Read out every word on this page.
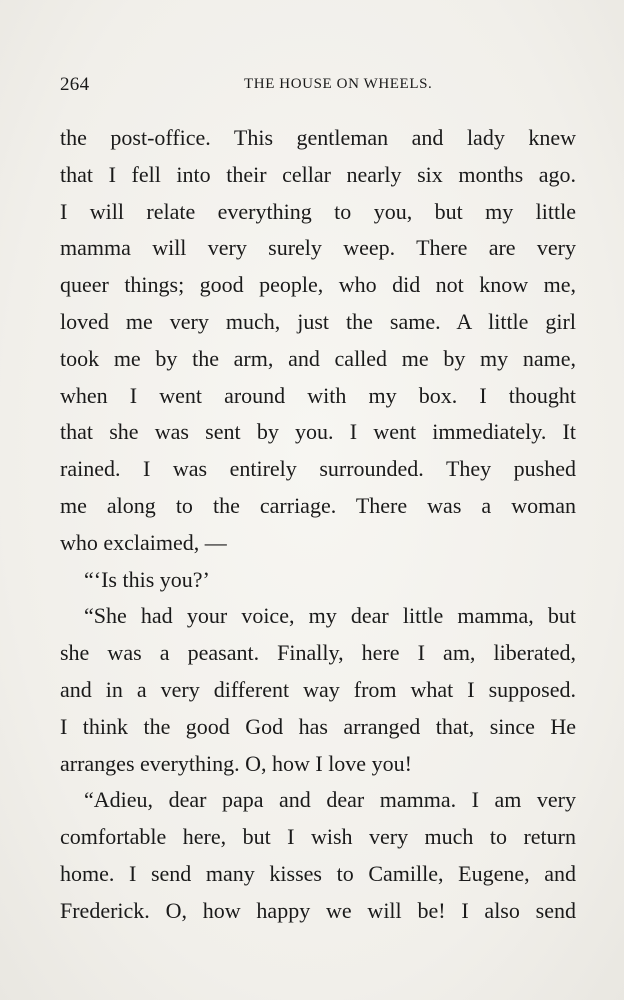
264	THE HOUSE ON WHEELS.
the post-office. This gentleman and lady knew
that I fell into their cellar nearly six months ago.
I will relate everything to you, but my little
mamma will very surely weep. There are very
queer things; good people, who did not know me,
loved me very much, just the same. A little girl
took me by the arm, and called me by my name,
when I went around with my box. I thought
that she was sent by you. I went immediately. It
rained. I was entirely surrounded. They pushed
me along to the carriage. There was a woman
who exclaimed, —
“‘Is this you?’
“She had your voice, my dear little mamma, but
she was a peasant. Finally, here I am, liberated,
and in a very different way from what I supposed.
I think the good God has arranged that, since He
arranges everything. O, how I love you!
“Adieu, dear papa and dear mamma. I am very
comfortable here, but I wish very much to return
home. I send many kisses to Camille, Eugene, and
Frederick. O, how happy we will be! I also send
